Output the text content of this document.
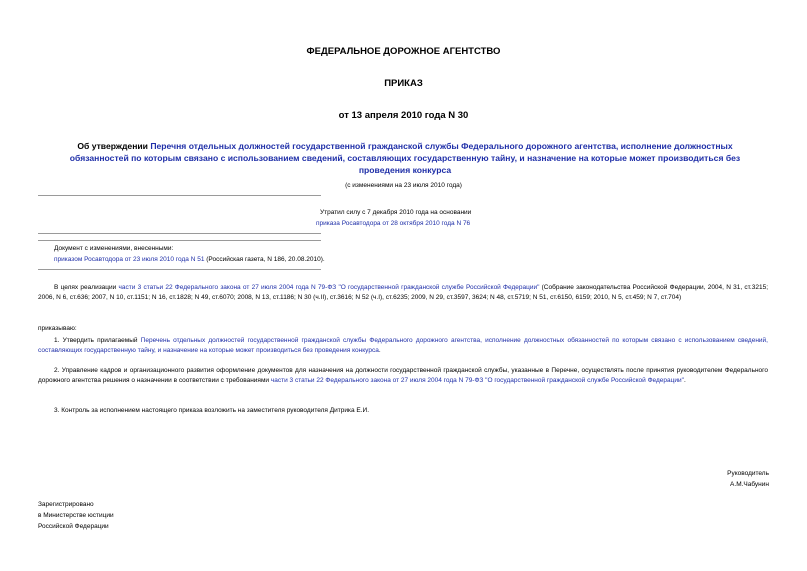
ФЕДЕРАЛЬНОЕ ДОРОЖНОЕ АГЕНТСТВО
ПРИКАЗ
от 13 апреля 2010 года N 30
Об утверждении Перечня отдельных должностей государственной гражданской службы Федерального дорожного агентства, исполнение должностных обязанностей по которым связано с использованием сведений, составляющих государственную тайну, и назначение на которые может производиться без проведения конкурса
(с изменениями на 23 июля 2010 года)
Утратил силу с 7 декабря 2010 года на основании
приказа Росавтодора от 28 октября 2010 года N 76
Документ с изменениями, внесенными:
приказом Росавтодора от 23 июля 2010 года N 51 (Российская газета, N 186, 20.08.2010).
В целях реализации части 3 статьи 22 Федерального закона от 27 июля 2004 года N 79-ФЗ "О государственной гражданской службе Российской Федерации" (Собрание законодательства Российской Федерации, 2004, N 31, ст.3215; 2006, N 6, ст.636; 2007, N 10, ст.1151; N 16, ст.1828; N 49, ст.6070; 2008, N 13, ст.1186; N 30 (ч.II), ст.3616; N 52 (ч.I), ст.6235; 2009, N 29, ст.3597, 3624; N 48, ст.5719; N 51, ст.6150, 6159; 2010, N 5, ст.459; N 7, ст.704)
приказываю:
1. Утвердить прилагаемый Перечень отдельных должностей государственной гражданской службы Федерального дорожного агентства, исполнение должностных обязанностей по которым связано с использованием сведений, составляющих государственную тайну, и назначение на которые может производиться без проведения конкурса.
2. Управление кадров и организационного развития оформление документов для назначения на должности государственной гражданской службы, указанные в Перечне, осуществлять после принятия руководителем Федерального дорожного агентства решения о назначении в соответствии с требованиями части 3 статьи 22 Федерального закона от 27 июля 2004 года N 79-ФЗ "О государственной гражданской службе Российской Федерации".
3. Контроль за исполнением настоящего приказа возложить на заместителя руководителя Дитрика Е.И.
Руководитель
А.М.Чабунин
Зарегистрировано
в Министерстве юстиции
Российской Федерации
